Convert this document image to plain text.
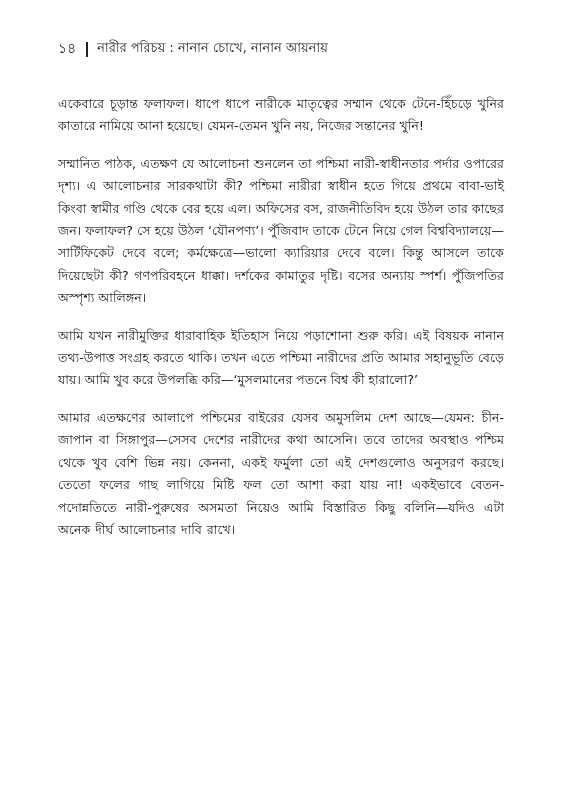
১৪ নারীর পরিচয় : নানান চোখে, নানান আয়নায়

একেবারে চূড়ান্ত ফলাফল। ধাপে ধাপে নারীকে মাতৃত্বের সম্মান থেকে টেনে-হিঁচড়ে খুনির কাতারে নামিয়ে আনা হয়েছে। যেমন-তেমন খুনি নয়, নিজের সন্তানের খুনি!

সম্মানিত পাঠক, এতক্ষণ যে আলোচনা শুনলেন তা পশ্চিমা নারী-স্বাধীনতার পর্দার ওপারের দৃশ্য। এ আলোচনার সারকথাটা কী? পশ্চিমা নারীরা স্বাধীন হতে গিয়ে প্রথমে বাবা-ভাই কিংবা স্বামীর গণ্ডি থেকে বের হয়ে এল। অফিসের বস, রাজনীতিবিদ হয়ে উঠল তার কাছের জন। ফলাফল? সে হয়ে উঠল ‘যৌনপণ্য’। পুঁজিবাদ তাকে টেনে নিয়ে গেল বিশ্ববিদ্যালয়ে—সার্টিফিকেট দেবে বলে; কর্মক্ষেত্রে—ভালো ক্যারিয়ার দেবে বলে। কিন্তু আসলে তাকে দিয়েছেটা কী? গণপরিবহনে ধাক্কা। দর্শকের কামাতুর দৃষ্টি। বসের অন্যায় স্পর্শ। পুঁজিপতির অস্পৃশ্য আলিঙ্গন।

আমি যখন নারীমুক্তির ধারাবাহিক ইতিহাস নিয়ে পড়াশোনা শুরু করি। এই বিষয়ক নানান তথ্য-উপাত্ত সংগ্রহ করতে থাকি। তখন এতে পশ্চিমা নারীদের প্রতি আমার সহানুভূতি বেড়ে যায়। আমি খুব করে উপলব্ধি করি—‘মুসলমানের পতনে বিশ্ব কী হারালো?’

আমার এতক্ষণের আলাপে পশ্চিমের বাইরের যেসব অমুসলিম দেশ আছে—যেমন: চীন-জাপান বা সিঙ্গাপুর—সেসব দেশের নারীদের কথা আসেনি। তবে তাদের অবস্থাও পশ্চিম থেকে খুব বেশি ভিন্ন নয়। কেননা, একই ফর্মুলা তো এই দেশগুলোও অনুসরণ করছে। তেতো ফলের গাছ লাগিয়ে মিষ্টি ফল তো আশা করা যায় না! একইভাবে বেতন-পদোন্নতিতে নারী-পুরুষের অসমতা নিয়েও আমি বিস্তারিত কিছু বলিনি—যদিও এটা অনেক দীর্ঘ আলোচনার দাবি রাখে।
